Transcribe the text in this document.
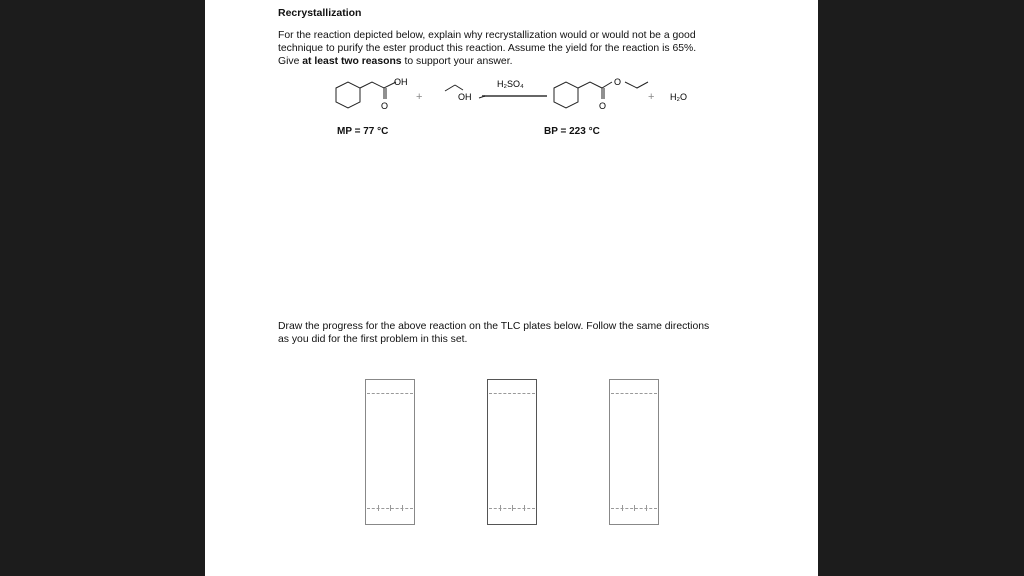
Recrystallization
For the reaction depicted below, explain why recrystallization would or would not be a good
technique to purify the ester product this reaction. Assume the yield for the reaction is 65%.
Give at least two reasons to support your answer.
OH
O
+	OH
H₂SO₄	O
O
+ H₂O
MP = 77 °C	BP = 223 °C
Draw the progress for the above reaction on the TLC plates below. Follow the same directions
as you did for the first problem in this set.
